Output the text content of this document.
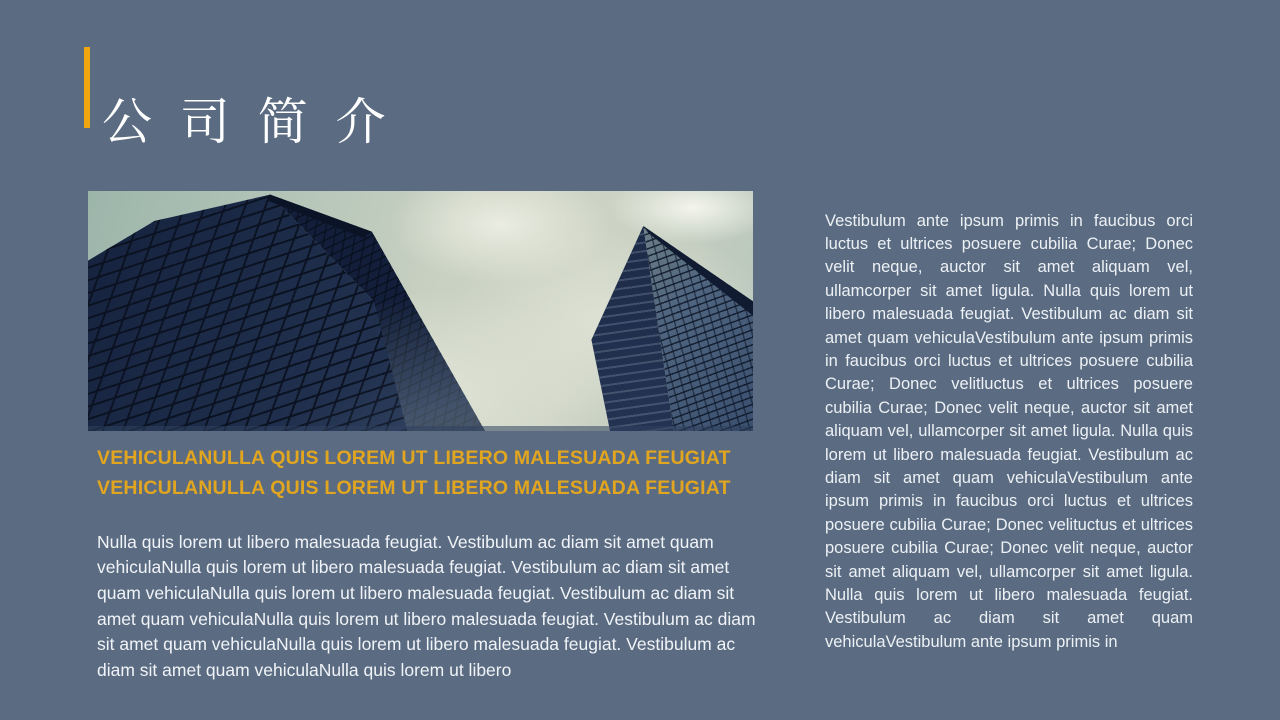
公 司 简 介
VEHICULANULLA QUIS LOREM UT LIBERO MALESUADA FEUGIAT
VEHICULANULLA QUIS LOREM UT LIBERO MALESUADA FEUGIAT

Nulla quis lorem ut libero malesuada feugiat. Vestibulum ac diam sit amet quam vehiculaNulla quis lorem ut libero malesuada feugiat. Vestibulum ac diam sit amet quam vehiculaNulla quis lorem ut libero malesuada feugiat. Vestibulum ac diam sit amet quam vehiculaNulla quis lorem ut libero malesuada feugiat. Vestibulum ac diam sit amet quam vehiculaNulla quis lorem ut libero malesuada feugiat. Vestibulum ac diam sit amet quam vehiculaNulla quis lorem ut libero

Vestibulum ante ipsum primis in faucibus orci luctus et ultrices posuere cubilia Curae; Donec velit neque, auctor sit amet aliquam vel, ullamcorper sit amet ligula. Nulla quis lorem ut libero malesuada feugiat. Vestibulum ac diam sit amet quam vehiculaVestibulum ante ipsum primis in faucibus orci luctus et ultrices posuere cubilia Curae; Donec velitluctus et ultrices posuere cubilia Curae; Donec velit neque, auctor sit amet aliquam vel, ullamcorper sit amet ligula. Nulla quis lorem ut libero malesuada feugiat. Vestibulum ac diam sit amet quam vehiculaVestibulum ante ipsum primis in faucibus orci luctus et ultrices posuere cubilia Curae; Donec velituctus et ultrices posuere cubilia Curae; Donec velit neque, auctor sit amet aliquam vel, ullamcorper sit amet ligula. Nulla quis lorem ut libero malesuada feugiat. Vestibulum ac diam sit amet quam vehiculaVestibulum ante ipsum primis in
